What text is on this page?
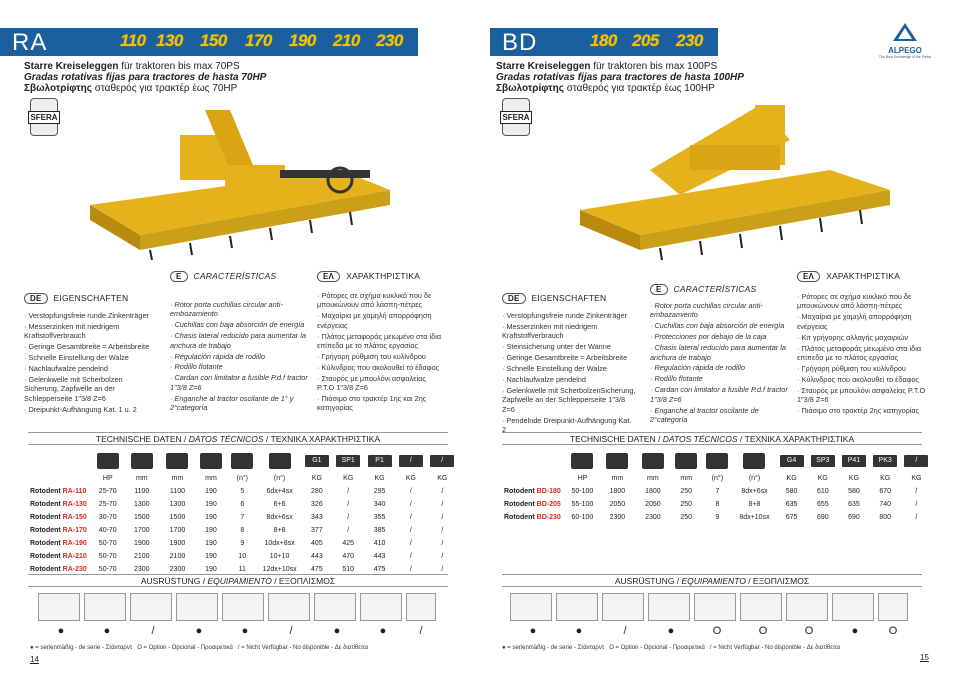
RA	110 130 150 170 190 210 230
Starre Kreiseleggen für traktoren bis max 70PS
Gradas rotativas fijas para tractores de hasta 70HP
Σβωλοτρίφτης σταθερός για τρακτέρ έως 70HP
SFERA
DE EIGENSCHAFTEN
· Verstopfungsfreie runde Zinkenträger
· Messerzinken mit niedrigem Kraftstoffverbrauch
· Geringe Gesamtbreite = Arbeitsbreite
· Schnelle Einstellung der Walze
· Nachlaufwalze pendelnd
· Gelenkwelle mit Scherbolzen Sicherung, Zapfwelle an der Schlepperseite 1"3/8 Z=6
· Dreipunkt-Aufhängung Kat. 1 u. 2
E CARACTERÍSTICAS
· Rotor porta cuchillas circular anti-embozamiento
· Cuchillas con baja absorción de energía
· Chasis lateral reducido para aumentar la anchura de trabajo
· Regulación rápida de rodillo
· Rodillo flotante
· Cardan con limitator a fusible P.d.f tractor 1"3/8 Z=6
· Enganche al tractor oscilante de 1° y 2°categoría
ΕΛ ΧΑΡΑΚΤΗΡΙΣΤΙΚΑ
· Ρότορες σε σχήμα κυκλικό που δε μπουκώνουν από λάσπη-πέτρες
· Μαχαίρια με χαμηλή απορρόφηση ενέργειας
· Πλάτος μεταφοράς μειωμένο στα ίδια επίπεδα με το πλάτος εργασίας
· Γρήγορη ρύθμιση του κυλίνδρου
· Κύλινδρος που ακολουθεί το έδαφος
· Σταυρός με μπουλόνι ασφαλείας P.T.O 1"3/8 Z=6
· Πιάσιμο στο τρακτέρ 1ης και 2ης κατηγορίας
TECHNISCHE DATEN / DATOS TÉCNICOS / ΤΕΧΝΙΚΑ ΧΑΡΑΚΤΗΡΙΣΤΙΚΑ
							G1	SP1	P1	/	/
	HP	mm	mm	mm	(n°)	(n°)	KG	KG	KG	KG	KG
Rotodent RA-110	25-70	1100	1100	190	5	6dx+4sx	280	/	295	/	/
Rotodent RA-130	25-70	1300	1300	190	6	6+6	326	/	340	/	/
Rotodent RA-150	30-70	1500	1500	190	7	8dx+6sx	343	/	355	/	/
Rotodent RA-170	40-70	1700	1700	190	8	8+8	377	/	385	/	/
Rotodent RA-190	50-70	1900	1900	190	9	10dx+8sx	405	425	410	/	/
Rotodent RA-210	50-70	2100	2100	190	10	10+10	443	470	443	/	/
Rotodent RA-230	50-70	2300	2300	190	11	12dx+10sx	475	510	475	/	/
AUSRÜSTUNG / EQUIPAMIENTO / ΕΞΟΠΛΙΣΜΟΣ
●	●	/	●	●	/	●	●	/
● = serienmäßig - de serie - Στάνταρντ O = Option - Opcional - Προαιρετικά / = Nicht Verfügbar - No disponible - Δε διατίθεται
14
BD	180 205 230
ALPEGO
The Best Knowledge in the Fields
Starre Kreiseleggen für traktoren bis max 100PS
Gradas rotativas fijas para tractores de hasta 100HP
Σβωλοτρίφτης σταθερός για τρακτέρ έως 100HP
SFERA
DE EIGENSCHAFTEN
· Verstopfungsfreie runde Zinkenträger
· Messerzinken mit niedrigem Kraftstoffverbrauch
· Steinsicherung unter der Wanne
· Geringe Gesamtbreite = Arbeitsbreite
· Schnelle Einstellung der Walze
· Nachlaufwalze pendelnd
· Gelenkwelle mit ScherbolzenSicherung, Zapfwelle an der Schlepperseite 1"3/8 Z=6
· Pendelnde Dreipunkt-Aufhängung Kat. 2
E CARACTERÍSTICAS
· Rotor porta cuchillas circular anti-embozamiento
· Cuchillas con baja absorción de energía
· Protecciones por debajo de la caja
· Chasis lateral reducido para aumentar la anchura de trabajo
· Regulación rápida de rodillo
· Rodillo flotante
· Cardan con limitator a fusible P.d.f tractor 1"3/8 Z=6
· Enganche al tractor oscilante de 2°categoría
ΕΛ ΧΑΡΑΚΤΗΡΙΣΤΙΚΑ
· Ρότορες σε σχήμα κυκλικό που δε μπουκώνουν από λάσπη-πέτρες
· Μαχαίρια με χαμηλή απορρόφηση ενέργειας
· Κιτ γρήγορης αλλαγής μαχαιριών
· Πλάτος μεταφοράς μειωμένο στα ίδια επίπεδα με το πλάτος εργασίας
· Γρήγορη ρύθμιση του κυλίνδρου
· Κύλινδρος που ακολουθεί το έδαφος
· Σταυρός με μπουλόνι ασφαλείας P.T.O 1"3/8 Z=6
· Πιάσιμο στο τρακτέρ 2ης κατηγορίας
TECHNISCHE DATEN / DATOS TÉCNICOS / ΤΕΧΝΙΚΑ ΧΑΡΑΚΤΗΡΙΣΤΙΚΑ
							G4	SP3	P41	PK3	/
	HP	mm	mm	mm	(n°)	(n°)	KG	KG	KG	KG	KG
Rotodent BD-180	50-100	1800	1800	250	7	8dx+6sx	580	610	580	670	/
Rotodent BD-205	55-100	2050	2050	250	8	8+8	635	655	635	740	/
Rotodent BD-230	60-100	2300	2300	250	9	8dx+10sx	675	690	690	800	/
AUSRÜSTUNG / EQUIPAMIENTO / ΕΞΟΠΛΙΣΜΟΣ
●	●	/	●	O	O	O	●	O
● = serienmäßig - de serie - Στάνταρντ O = Option - Opcional - Προαιρετικά / = Nicht Verfügbar - No disponible - Δε διατίθεται
15
